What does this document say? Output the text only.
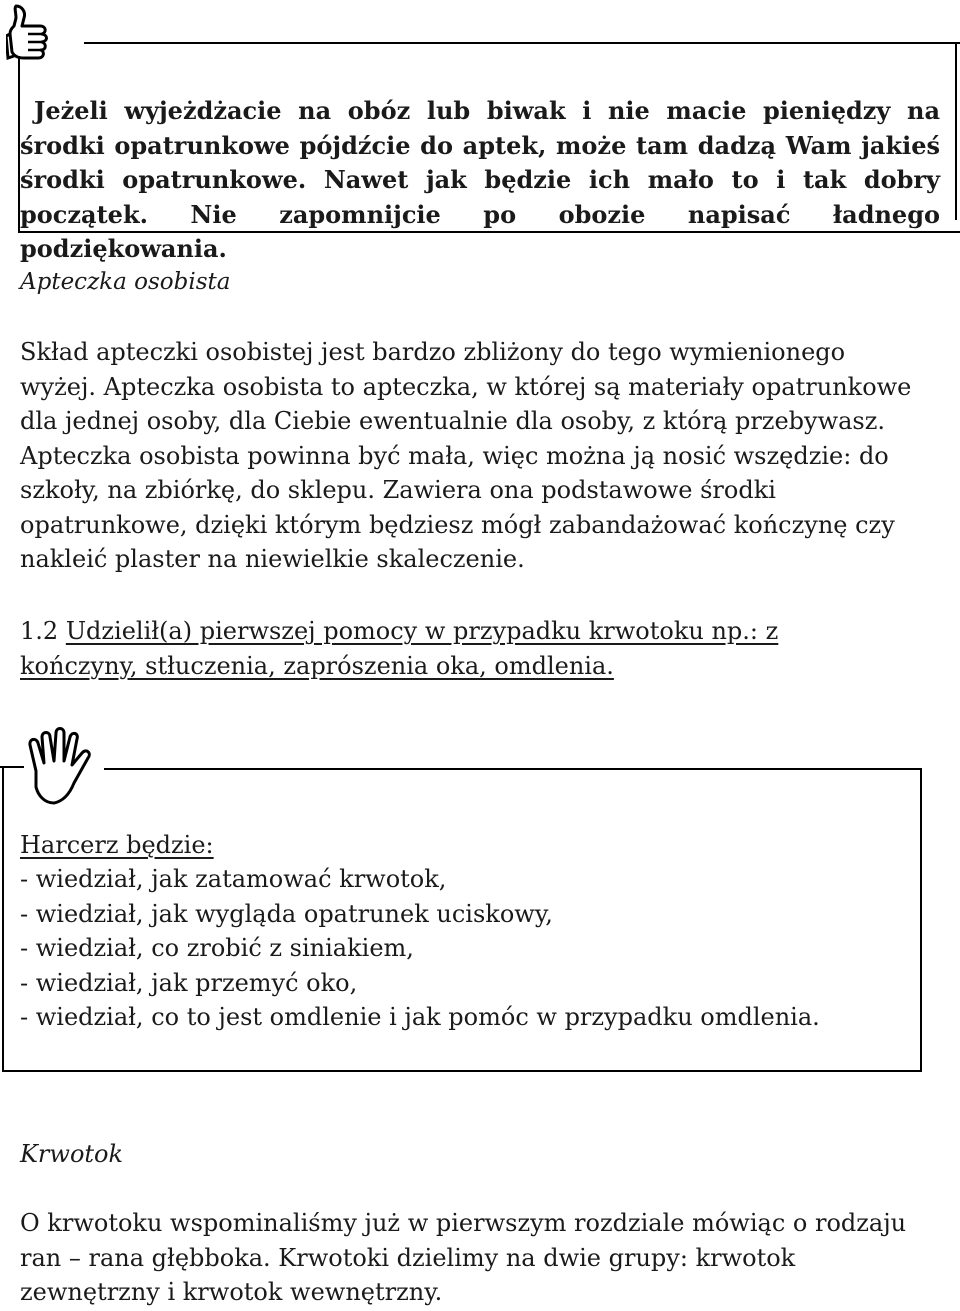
Jeżeli wyjeżdżacie na obóz lub biwak i nie macie pieniędzy na środki opatrunkowe pójdźcie do aptek, może tam dadzą Wam jakieś środki opatrunkowe. Nawet jak będzie ich mało to i tak dobry początek. Nie zapomnijcie po obozie napisać ładnego podziękowania.

Apteczka osobista

Skład apteczki osobistej jest bardzo zbliżony do tego wymienionego wyżej. Apteczka osobista to apteczka, w której są materiały opatrunkowe dla jednej osoby, dla Ciebie ewentualnie dla osoby, z którą przebywasz. Apteczka osobista powinna być mała, więc można ją nosić wszędzie: do szkoły, na zbiórkę, do sklepu. Zawiera ona podstawowe środki opatrunkowe, dzięki którym będziesz mógł zabandażować kończynę czy nakleić plaster na niewielkie skaleczenie.

1.2 Udzielił(a) pierwszej pomocy w przypadku krwotoku np.: z kończyny, stłuczenia, zaprószenia oka, omdlenia.

Harcerz będzie:

- wiedział, jak zatamować krwotok,
- wiedział, jak wygląda opatrunek uciskowy,
- wiedział, co zrobić z siniakiem,
- wiedział, jak przemyć oko,
- wiedział, co to jest omdlenie i jak pomóc w przypadku omdlenia.

Krwotok

O krwotoku wspominaliśmy już w pierwszym rozdziale mówiąc o rodzaju ran – rana głębboka. Krwotoki dzielimy na dwie grupy: krwotok zewnętrzny i krwotok wewnętrzny.
